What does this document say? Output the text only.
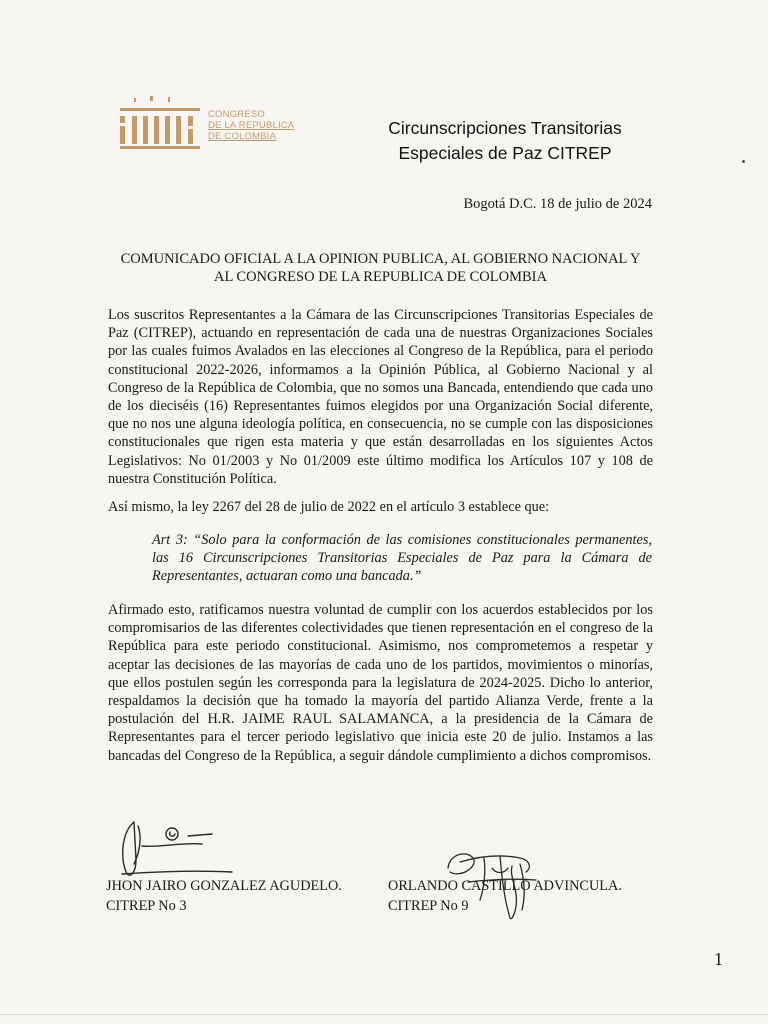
CONGRESO
DE LA REPUBLICA
DE COLOMBIA	Circunscripciones Transitorias
Especiales de Paz CITREP
Bogotá D.C. 18 de julio de 2024
COMUNICADO OFICIAL A LA OPINION PUBLICA, AL GOBIERNO NACIONAL Y
AL CONGRESO DE LA REPUBLICA DE COLOMBIA

Los suscritos Representantes a la Cámara de las Circunscripciones Transitorias Especiales de Paz (CITREP), actuando en representación de cada una de nuestras Organizaciones Sociales por las cuales fuimos Avalados en las elecciones al Congreso de la República, para el periodo constitucional 2022-2026, informamos a la Opinión Pública, al Gobierno Nacional y al Congreso de la República de Colombia, que no somos una Bancada, entendiendo que cada uno de los dieciséis (16) Representantes fuimos elegidos por una Organización Social diferente, que no nos une alguna ideología política, en consecuencia, no se cumple con las disposiciones constitucionales que rigen esta materia y que están desarrolladas en los siguientes Actos Legislativos: No 01/2003 y No 01/2009 este último modifica los Artículos 107 y 108 de nuestra Constitución Política.

Así mismo, la ley 2267 del 28 de julio de 2022 en el artículo 3 establece que:

Art 3: “Solo para la conformación de las comisiones constitucionales permanentes, las 16 Circunscripciones Transitorias Especiales de Paz para la Cámara de Representantes, actuaran como una bancada.”

Afirmado esto, ratificamos nuestra voluntad de cumplir con los acuerdos establecidos por los compromisarios de las diferentes colectividades que tienen representación en el congreso de la República para este periodo constitucional. Asimismo, nos comprometemos a respetar y aceptar las decisiones de las mayorías de cada uno de los partidos, movimientos o minorías, que ellos postulen según les corresponda para la legislatura de 2024-2025. Dicho lo anterior, respaldamos la decisión que ha tomado la mayoría del partido Alianza Verde, frente a la postulación del H.R. JAIME RAUL SALAMANCA, a la presidencia de la Cámara de Representantes para el tercer periodo legislativo que inicia este 20 de julio. Instamos a las bancadas del Congreso de la República, a seguir dándole cumplimiento a dichos compromisos.

JHON JAIRO GONZALEZ AGUDELO.
CITREP No 3
ORLANDO CASTILLO ADVINCULA.
CITREP No 9
1
